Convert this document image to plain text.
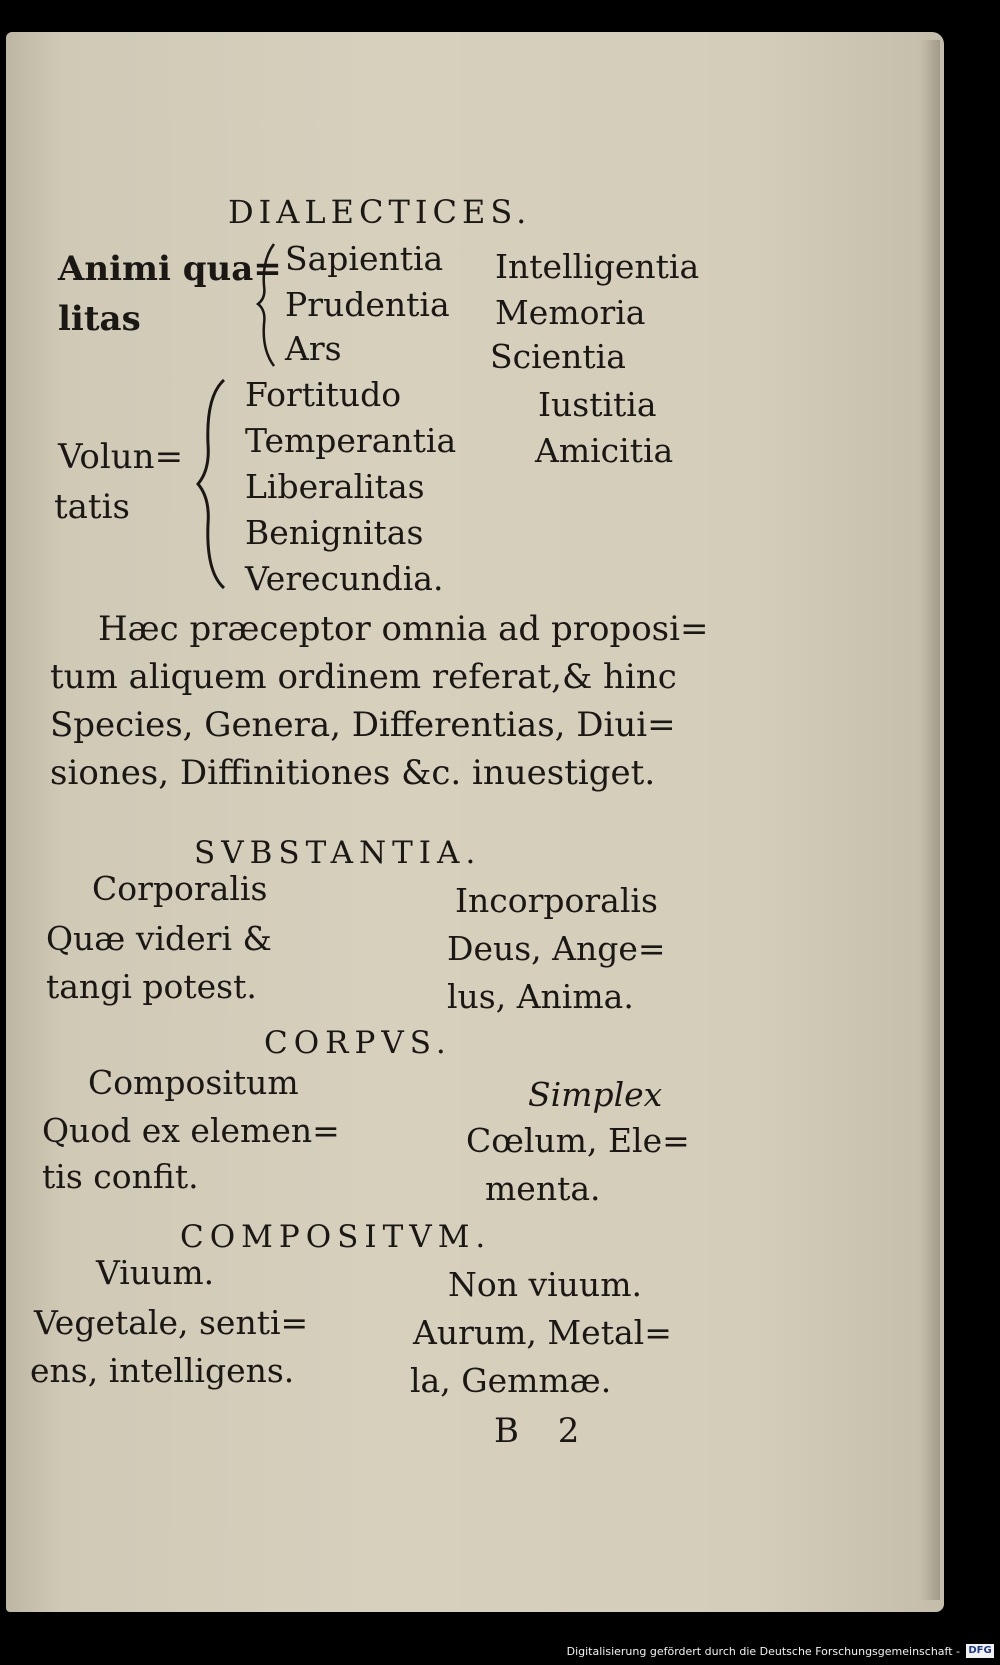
DIALECTICES.

Animi qua=

litas

Sapientia

Prudentia

Ars

Intelligentia

Memoria

Scientia

Volun=

tatis

Fortitudo

Temperantia

Liberalitas

Benignitas

Verecundia.

Iustitia

Amicitia

Hæc præceptor omnia ad proposi=

tum aliquem ordinem referat,& hinc

Species, Genera, Differentias, Diui=

siones, Diffinitiones &c. inuestiget.

SVBSTANTIA.

Corporalis

Quæ videri &

tangi potest.

Incorporalis

Deus, Ange=

lus, Anima.

CORPVS.

Compositum

Quod ex elemen=

tis confit.

Simplex

Cœlum, Ele=

menta.

COMPOSITVM.

Viuum.

Vegetale, senti=

ens, intelligens.

Non viuum.

Aurum, Metal=

la, Gemmæ.

B 2

Digitalisierung gefördert durch die Deutsche Forschungsgemeinschaft - DFG
